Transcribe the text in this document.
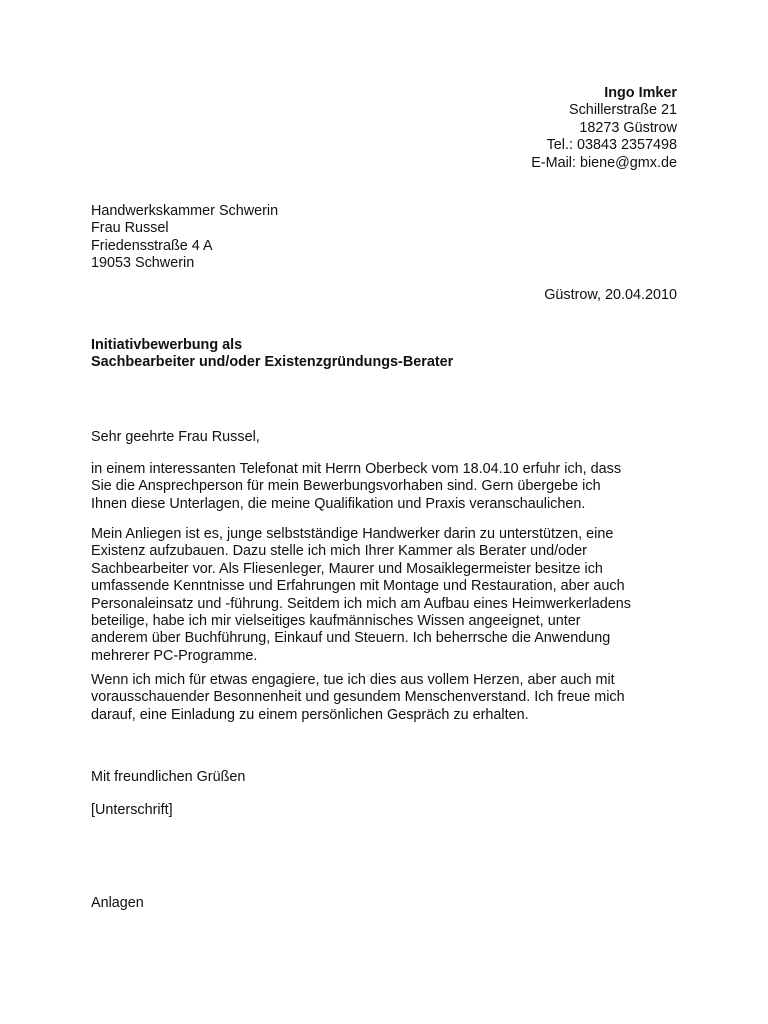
Ingo Imker
Schillerstraße 21
18273 Güstrow
Tel.: 03843 2357498
E-Mail: biene@gmx.de
Handwerkskammer Schwerin
Frau Russel
Friedensstraße 4 A
19053 Schwerin
Güstrow, 20.04.2010
Initiativbewerbung als
Sachbearbeiter und/oder Existenzgründungs-Berater
Sehr geehrte Frau Russel,
in einem interessanten Telefonat mit Herrn Oberbeck vom 18.04.10 erfuhr ich, dass
Sie die Ansprechperson für mein Bewerbungsvorhaben sind. Gern übergebe ich
Ihnen diese Unterlagen, die meine Qualifikation und Praxis veranschaulichen.
Mein Anliegen ist es, junge selbstständige Handwerker darin zu unterstützen, eine
Existenz aufzubauen. Dazu stelle ich mich Ihrer Kammer als Berater und/oder
Sachbearbeiter vor. Als Fliesenleger, Maurer und Mosaiklegermeister besitze ich
umfassende Kenntnisse und Erfahrungen mit Montage und Restauration, aber auch
Personaleinsatz und -führung. Seitdem ich mich am Aufbau eines Heimwerkerladens
beteilige, habe ich mir vielseitiges kaufmännisches Wissen angeeignet, unter
anderem über Buchführung, Einkauf und Steuern. Ich beherrsche die Anwendung
mehrerer PC-Programme.
Wenn ich mich für etwas engagiere, tue ich dies aus vollem Herzen, aber auch mit
vorausschauender Besonnenheit und gesundem Menschenverstand. Ich freue mich
darauf, eine Einladung zu einem persönlichen Gespräch zu erhalten.
Mit freundlichen Grüßen
[Unterschrift]
Anlagen
